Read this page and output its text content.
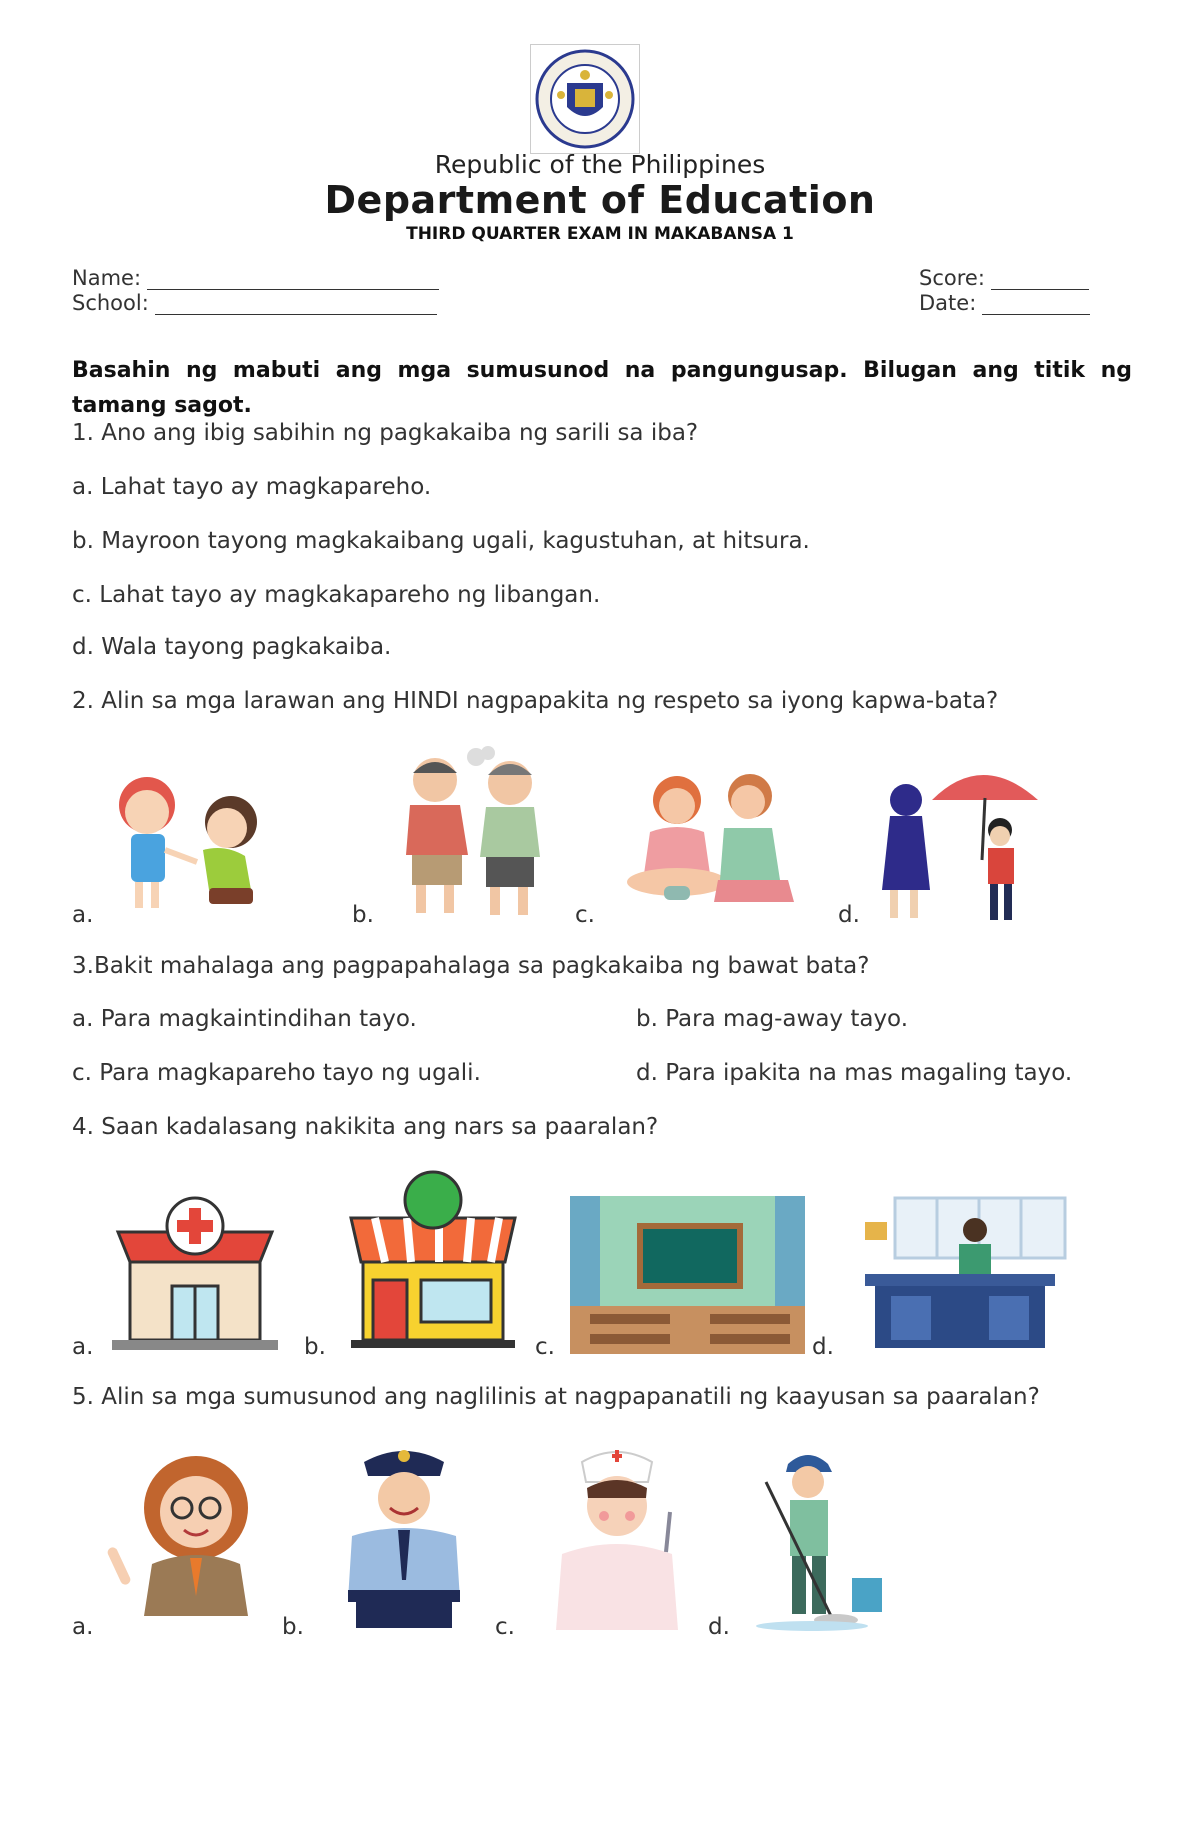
Republic of the Philippines
Department of Education
THIRD QUARTER EXAM IN MAKABANSA 1
Name:
School:
Score:
Date:
Basahin ng mabuti ang mga sumusunod na pangungusap. Bilugan ang titik ng tamang sagot.
1. Ano ang ibig sabihin ng pagkakaiba ng sarili sa iba?
a. Lahat tayo ay magkapareho.
b. Mayroon tayong magkakaibang ugali, kagustuhan, at hitsura.
c. Lahat tayo ay magkakapareho ng libangan.
d. Wala tayong pagkakaiba.
2. Alin sa mga larawan ang HINDI nagpapakita ng respeto sa iyong kapwa-bata?
a.	b.	c.	d.
3.Bakit mahalaga ang pagpapahalaga sa pagkakaiba ng bawat bata?
a. Para magkaintindihan tayo.	b. Para mag-away tayo.
c. Para magkapareho tayo ng ugali.	d. Para ipakita na mas magaling tayo.
4. Saan kadalasang nakikita ang nars sa paaralan?
a.	b.	c.	d.
5. Alin sa mga sumusunod ang naglilinis at nagpapanatili ng kaayusan sa paaralan?
a.	b.	c.	d.
